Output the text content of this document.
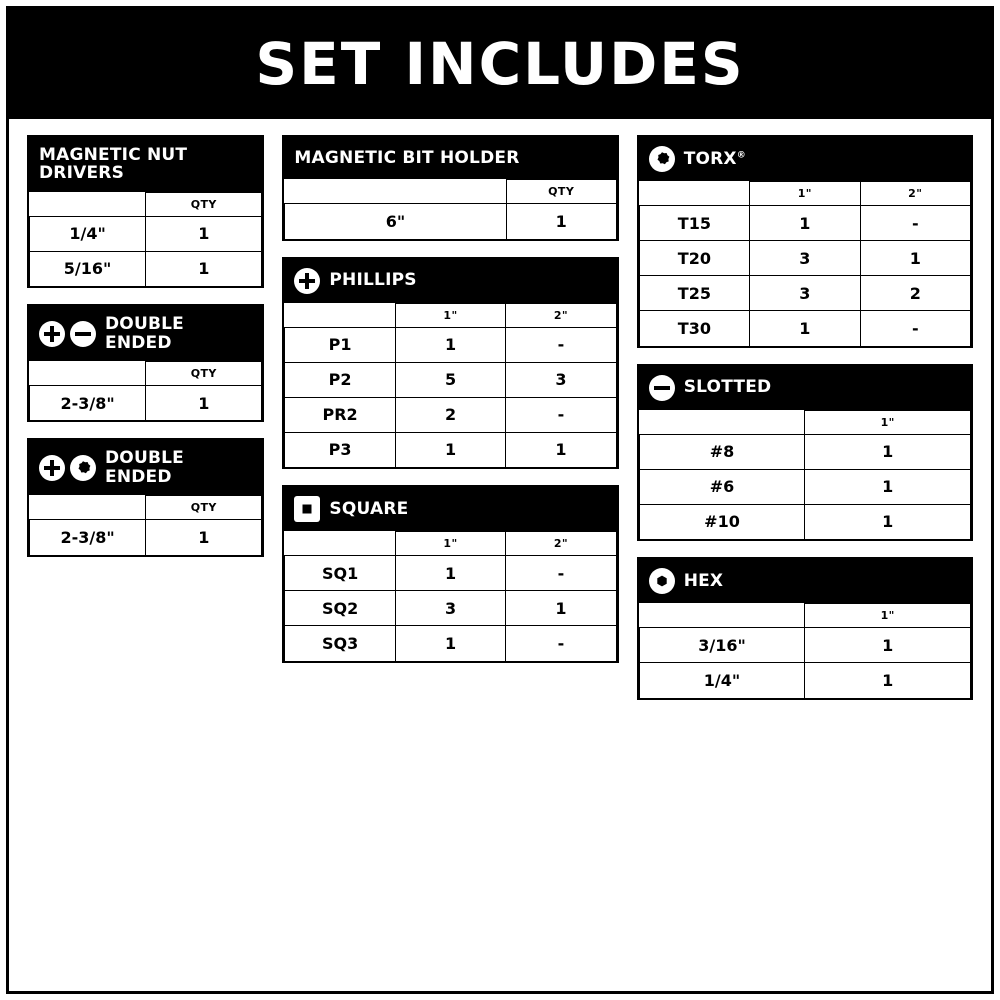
SET INCLUDES
MAGNETIC NUT DRIVERS
	QTY
1/4"	1
5/16"	1
DOUBLE ENDED
	QTY
2-3/8"	1
DOUBLE ENDED
	QTY
2-3/8"	1
MAGNETIC BIT HOLDER
	QTY
6"	1
PHILLIPS
	1"	2"
P1	1	-
P2	5	3
PR2	2	-
P3	1	1
SQUARE
	1"	2"
SQ1	1	-
SQ2	3	1
SQ3	1	-
TORX®
	1"	2"
T15	1	-
T20	3	1
T25	3	2
T30	1	-
SLOTTED
	1"
#8	1
#6	1
#10	1
HEX
	1"
3/16"	1
1/4"	1
